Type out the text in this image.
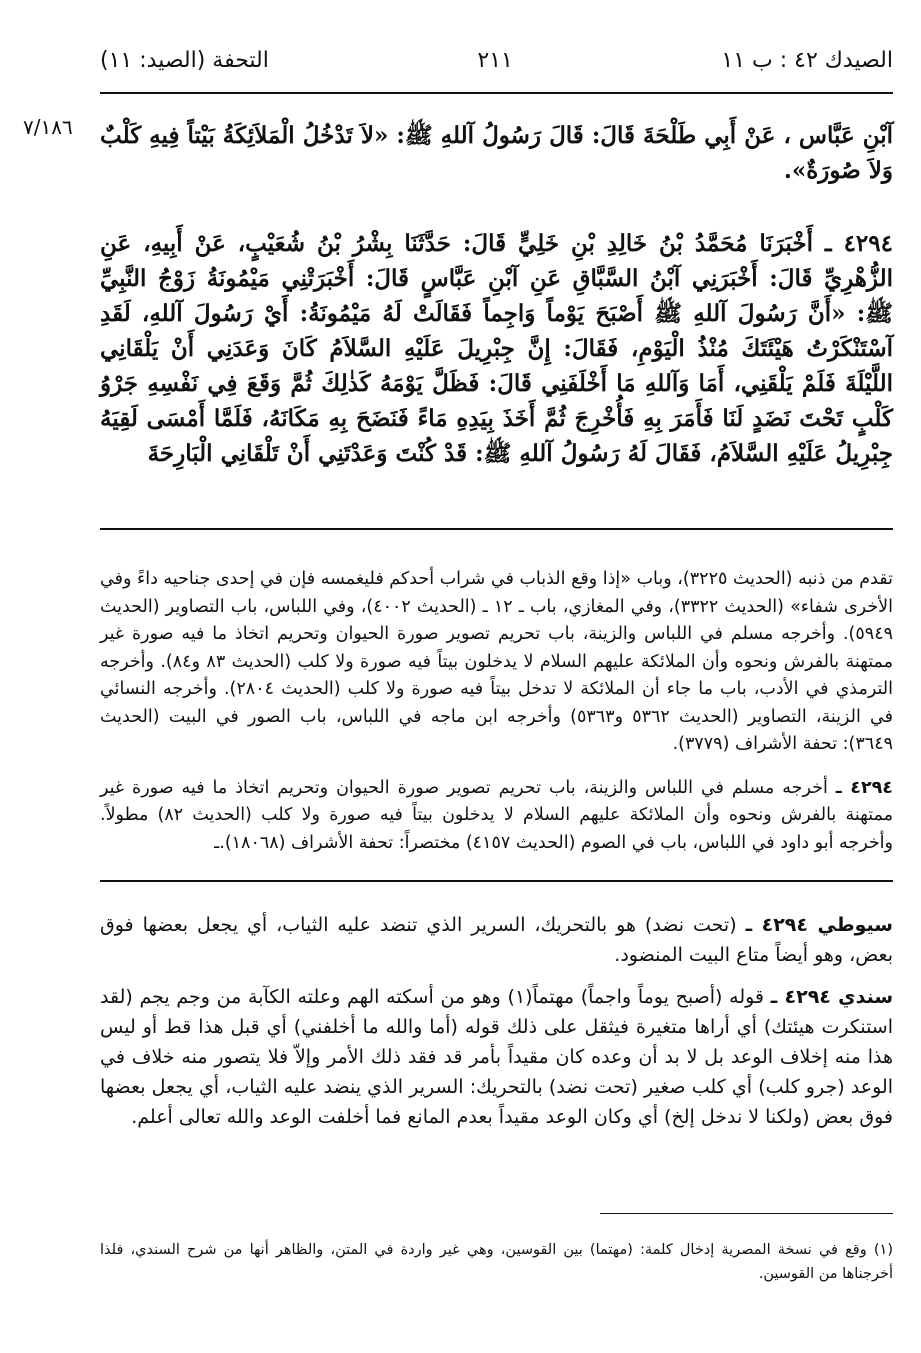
الصيدك ٤٢ : ب ١١
٢١١
التحفة (الصيد: ١١)
٧/١٨٦	آبْنِ عَبَّاس ، عَنْ أَبِي طَلْحَةَ قَالَ: قَالَ رَسُولُ آللهِ ﷺ: «لاَ تَدْخُلُ الْمَلاَئِكَةُ بَيْتاً فِيهِ كَلْبٌ وَلاَ صُورَةٌ».

٤٢٩٤ ـ أَخْبَرَنَا مُحَمَّدُ بْنُ خَالِدِ بْنِ خَلِيٍّ قَالَ: حَدَّثَنَا بِشْرُ بْنُ شُعَيْبٍ، عَنْ أَبِيهِ، عَنِ الزُّهْرِيِّ قَالَ: أَخْبَرَنِي آبْنُ السَّبَّاقِ عَنِ آبْنِ عَبَّاسٍ قَالَ: أَخْبَرَتْنِي مَيْمُونَةُ زَوْجُ النَّبِيِّ ﷺ: «أَنَّ رَسُولَ آللهِ ﷺ أَصْبَحَ يَوْماً وَاجِماً فَقَالَتْ لَهُ مَيْمُونَةُ: أَيْ رَسُولَ آللهِ، لَقَدِ آسْتَنْكَرْتُ هَيْئَتَكَ مُنْذُ الْيَوْمِ، فَقَالَ: إِنَّ جِبْرِيلَ عَلَيْهِ السَّلاَمُ كَانَ وَعَدَنِي أَنْ يَلْقَانِي اللَّيْلَةَ فَلَمْ يَلْقَنِي، أَمَا وَآللهِ مَا أَخْلَفَنِي قَالَ: فَظَلَّ يَوْمَهُ كَذٰلِكَ ثُمَّ وَقَعَ فِي نَفْسِهِ جَرْوُ كَلْبٍ تَحْتَ نَضَدٍ لَنَا فَأَمَرَ بِهِ فَأُخْرِجَ ثُمَّ أَخَذَ بِيَدِهِ مَاءً فَنَضَحَ بِهِ مَكَانَهُ، فَلَمَّا أَمْسَى لَقِيَهُ جِبْرِيلُ عَلَيْهِ السَّلاَمُ، فَقَالَ لَهُ رَسُولُ آللهِ ﷺ: قَدْ كُنْتَ وَعَدْتَنِي أَنْ تَلْقَانِي الْبَارِحَةَ

تقدم من ذنبه (الحديث ٣٢٢٥)، وباب «إذا وقع الذباب في شراب أحدكم فليغمسه فإن في إحدى جناحيه داءً وفي الأخرى شفاء» (الحديث ٣٣٢٢)، وفي المغازي، باب ـ ١٢ ـ (الحديث ٤٠٠٢)، وفي اللباس، باب التصاوير (الحديث ٥٩٤٩). وأخرجه مسلم في اللباس والزينة، باب تحريم تصوير صورة الحيوان وتحريم اتخاذ ما فيه صورة غير ممتهنة بالفرش ونحوه وأن الملائكة عليهم السلام لا يدخلون بيتاً فيه صورة ولا كلب (الحديث ٨٣ و٨٤). وأخرجه الترمذي في الأدب، باب ما جاء أن الملائكة لا تدخل بيتاً فيه صورة ولا كلب (الحديث ٢٨٠٤). وأخرجه النسائي في الزينة، التصاوير (الحديث ٥٣٦٢ و٥٣٦٣) وأخرجه ابن ماجه في اللباس، باب الصور في البيت (الحديث ٣٦٤٩): تحفة الأشراف (٣٧٧٩).

٤٢٩٤ ـ أخرجه مسلم في اللباس والزينة، باب تحريم تصوير صورة الحيوان وتحريم اتخاذ ما فيه صورة غير ممتهنة بالفرش ونحوه وأن الملائكة عليهم السلام لا يدخلون بيتاً فيه صورة ولا كلب (الحديث ٨٢) مطولاً. وأخرجه أبو داود في اللباس، باب في الصوم (الحديث ٤١٥٧) مختصراً: تحفة الأشراف (١٨٠٦٨).ـ

سيوطي ٤٢٩٤ ـ (تحت نضد) هو بالتحريك، السرير الذي تنضد عليه الثياب، أي يجعل بعضها فوق بعض، وهو أيضاً متاع البيت المنضود.

سندي ٤٢٩٤ ـ قوله (أصبح يوماً واجماً) مهتماً(١) وهو من أسكته الهم وعلته الكآبة من وجم يجم (لقد استنكرت هيئتك) أي أراها متغيرة فيثقل على ذلك قوله (أما والله ما أخلفني) أي قبل هذا قط أو ليس هذا منه إخلاف الوعد بل لا بد أن وعده كان مقيداً بأمر قد فقد ذلك الأمر وإلاّ فلا يتصور منه خلاف في الوعد (جرو كلب) أي كلب صغير (تحت نضد) بالتحريك: السرير الذي ينضد عليه الثياب، أي يجعل بعضها فوق بعض (ولكنا لا ندخل إلخ) أي وكان الوعد مقيداً بعدم المانع فما أخلفت الوعد والله تعالى أعلم.

(١) وقع في نسخة المصرية إدخال كلمة: (مهتما) بين القوسين، وهي غير واردة في المتن، والظاهر أنها من شرح السندي، فلذا أخرجناها من القوسين.
